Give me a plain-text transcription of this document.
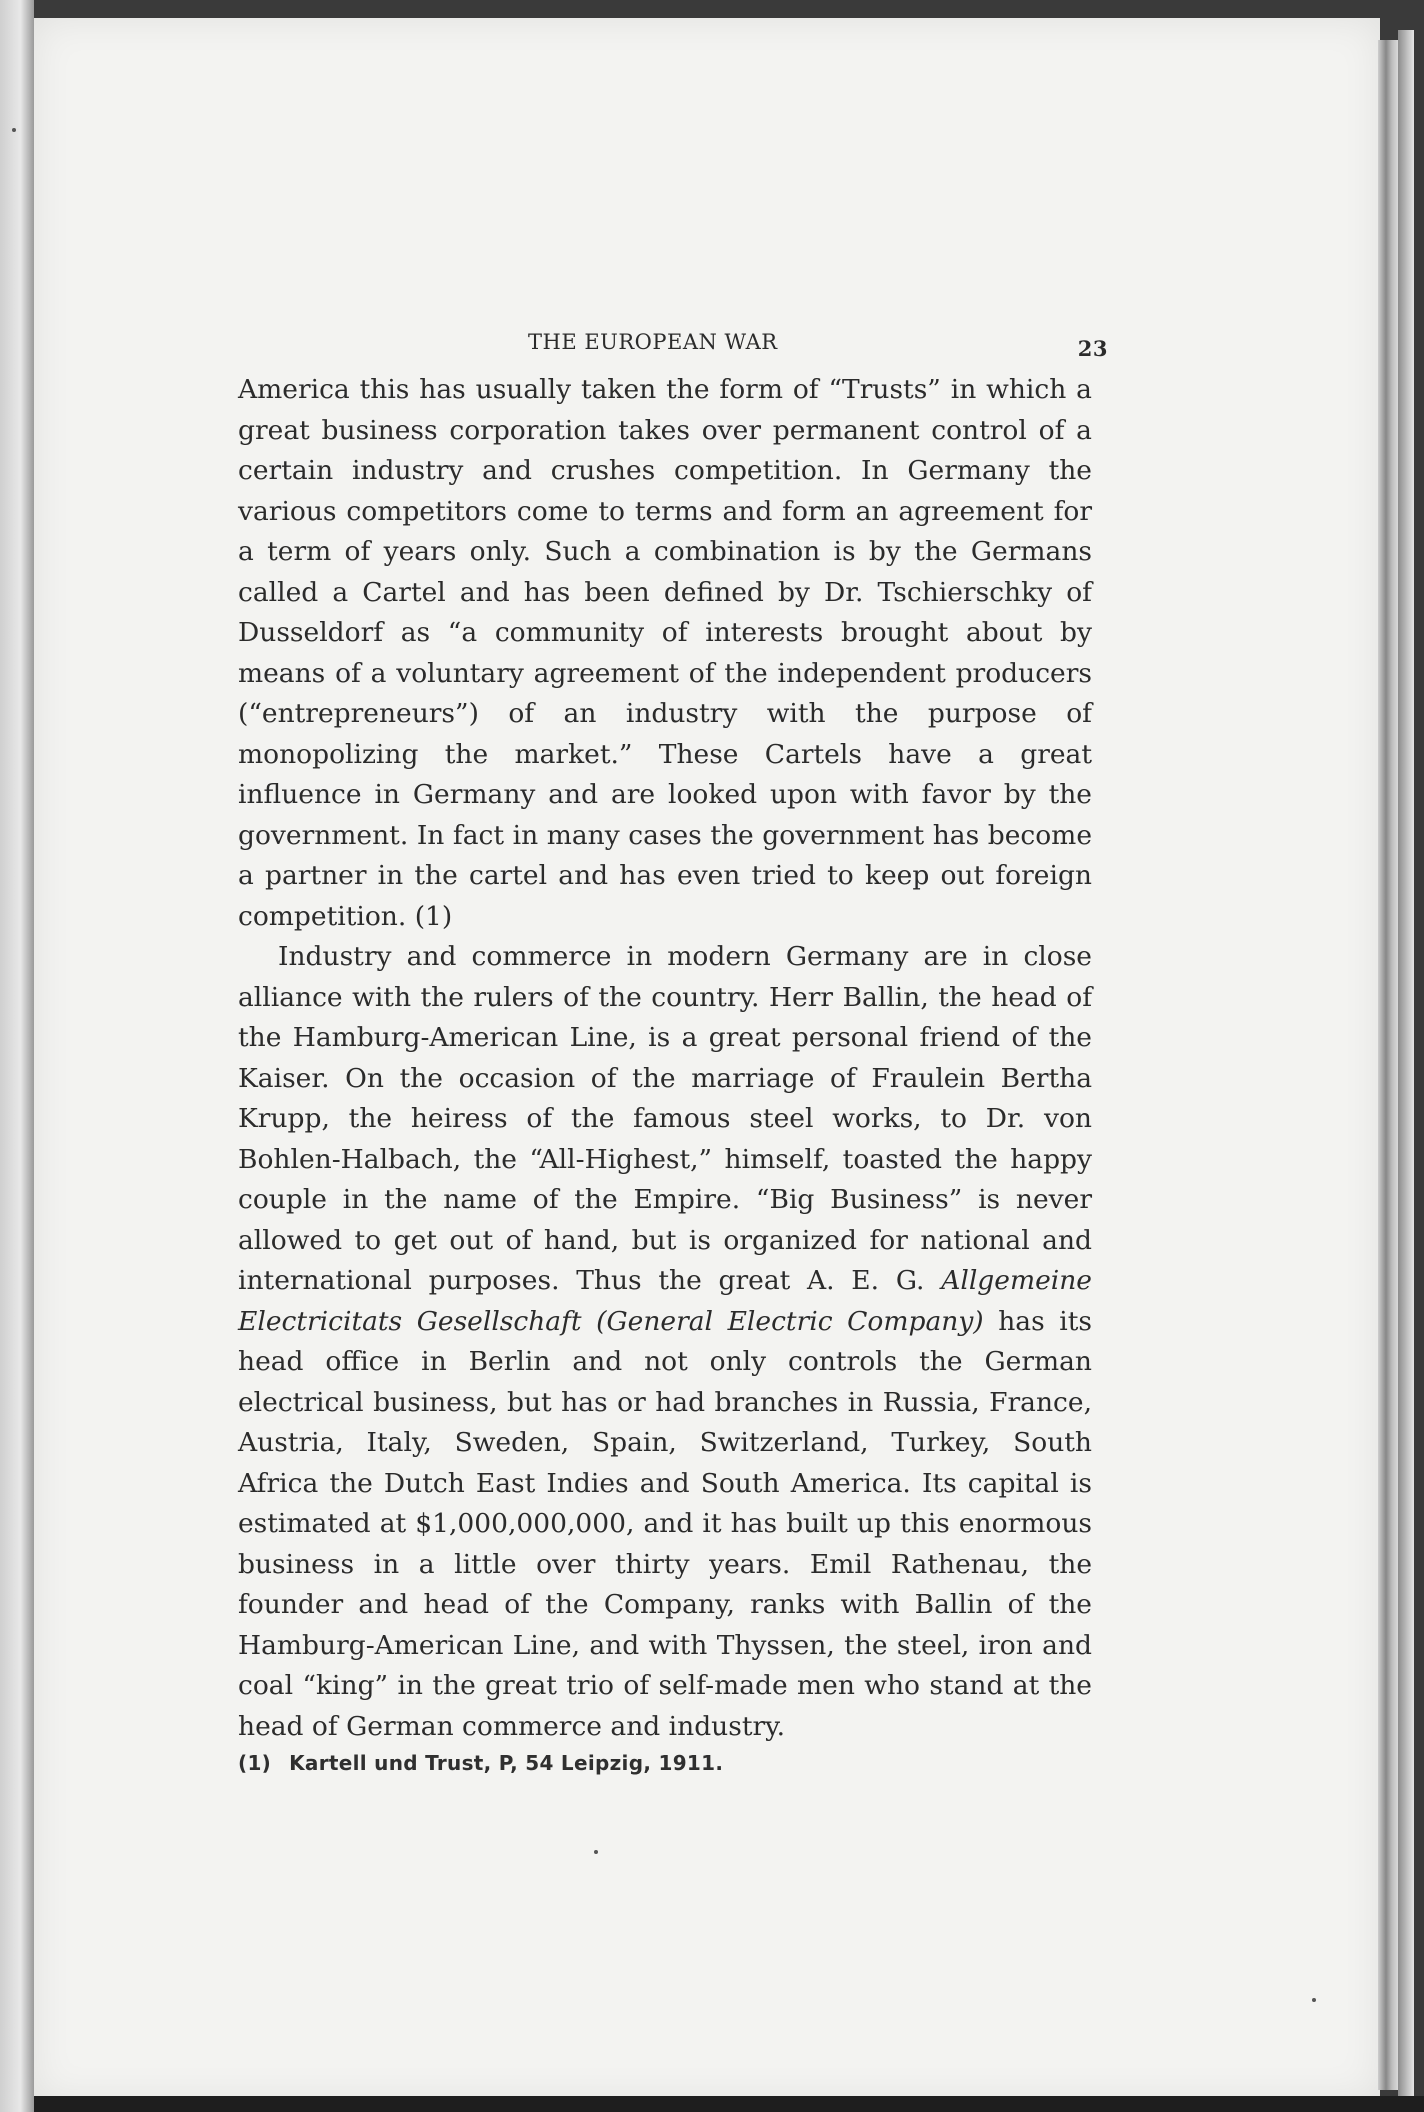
THE EUROPEAN WAR	23

America this has usually taken the form of “Trusts” in which a great business corporation takes over permanent control of a certain industry and crushes competition. In Germany the various competitors come to terms and form an agreement for a term of years only. Such a combination is by the Germans called a Cartel and has been defined by Dr. Tschierschky of Dusseldorf as “a community of interests brought about by means of a voluntary agreement of the independent producers (“entrepreneurs”) of an industry with the purpose of monopolizing the market.” These Cartels have a great influence in Germany and are looked upon with favor by the government. In fact in many cases the government has become a partner in the cartel and has even tried to keep out foreign competition. (1)

Industry and commerce in modern Germany are in close alliance with the rulers of the country. Herr Ballin, the head of the Hamburg-American Line, is a great personal friend of the Kaiser. On the occasion of the marriage of Fraulein Bertha Krupp, the heiress of the famous steel works, to Dr. von Bohlen-Halbach, the “All-Highest,” himself, toasted the happy couple in the name of the Empire. “Big Business” is never allowed to get out of hand, but is organized for national and international purposes. Thus the great A. E. G. Allgemeine Electricitats Gesellschaft (General Electric Company) has its head office in Berlin and not only controls the German electrical business, but has or had branches in Russia, France, Austria, Italy, Sweden, Spain, Switzerland, Turkey, South Africa the Dutch East Indies and South America. Its capital is estimated at $1,000,000,000, and it has built up this enormous business in a little over thirty years. Emil Rathenau, the founder and head of the Company, ranks with Ballin of the Hamburg-American Line, and with Thyssen, the steel, iron and coal “king” in the great trio of self-made men who stand at the head of German commerce and industry.

(1) Kartell und Trust, P, 54 Leipzig, 1911.
